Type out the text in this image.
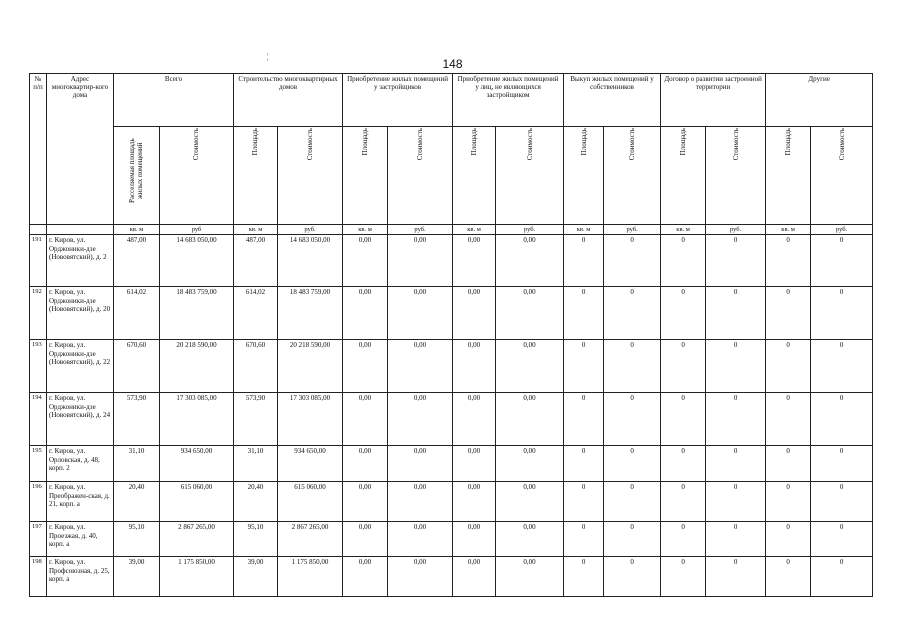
148
¦
№ п/п	Адрес многоквартир-кого дома	Всего		Строительство многоквартирных домов		Приобретение жилых помещений у застройщиков		Приобретение жилых помещений у лиц, не являющихся застройщиком		Выкуп жилых помещений у собственников		Договор о развитии застроенной территории		Другие	
		Расселяемая площадь жилых помещений	Стоимость	Площадь	Стоимость	Площадь	Стоимость	Площадь	Стоимость	Площадь	Стоимость	Площадь	Стоимость	Площадь	Стоимость
		кв. м	руб	кв. м	руб.	кв. м	руб.	кв. м	руб.	кв. м	руб.	кв. м	руб.	кв. м	руб.
191	г. Киров, ул. Орджоники-дзе (Нововятский), д. 2	487,00	14 683 050,00	487,00	14 683 050,00	0,00	0,00	0,00	0,00	0	0	0	0	0	0
192	г. Киров, ул. Орджоники-дзе (Нововятский), д. 20	614,02	18 483 759,00	614,02	18 483 759,00	0,00	0,00	0,00	0,00	0	0	0	0	0	0
193	г. Киров, ул. Орджоники-дзе (Нововятский), д. 22	670,60	20 218 590,00	670,60	20 218 590,00	0,00	0,00	0,00	0,00	0	0	0	0	0	0
194	г. Киров, ул. Орджоники-дзе (Нововятский), д. 24	573,90	17 303 085,00	573,90	17 303 085,00	0,00	0,00	0,00	0,00	0	0	0	0	0	0
195	г. Киров, ул. Орловская, д. 48, корп. 2	31,10	934 650,00	31,10	934 650,00	0,00	0,00	0,00	0,00	0	0	0	0	0	0
196	г. Киров, ул. Преображен-ская, д. 21, корп. а	20,40	615 060,00	20,40	615 060,00	0,00	0,00	0,00	0,00	0	0	0	0	0	0
197	г. Киров, ул. Проезжая, д. 40, корп. а	95,10	2 867 265,00	95,10	2 867 265,00	0,00	0,00	0,00	0,00	0	0	0	0	0	0
198	г. Киров, ул. Профсоюзная, д. 25, корп. а	39,00	1 175 850,00	39,00	1 175 850,00	0,00	0,00	0,00	0,00	0	0	0	0	0	0
